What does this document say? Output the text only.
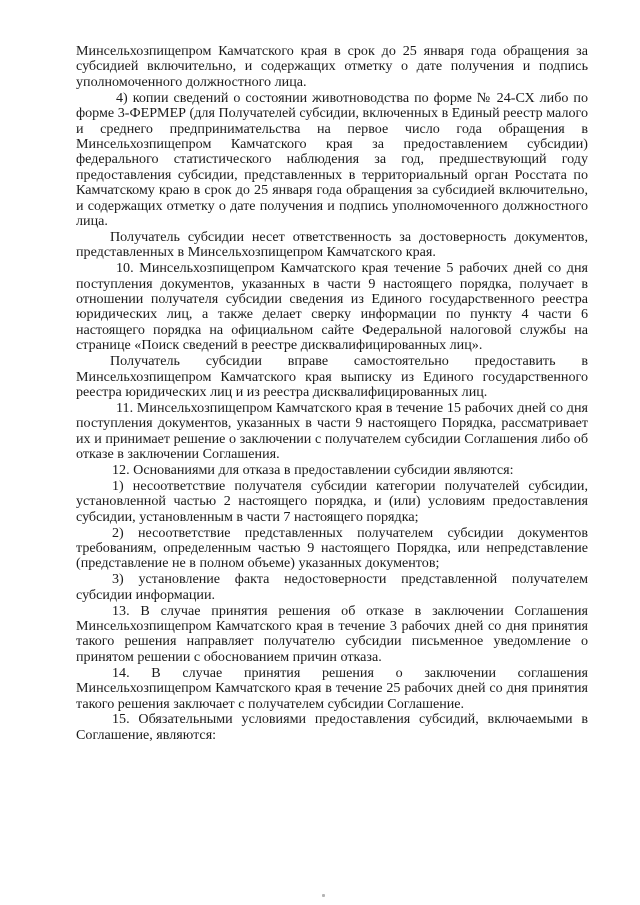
Минсельхозпищепром Камчатского края в срок до 25 января года обращения за субсидией включительно, и содержащих отметку о дате получения и подпись уполномоченного должностного лица.

4) копии сведений о состоянии животноводства по форме № 24-СХ либо по форме 3-ФЕРМЕР (для Получателей субсидии, включенных в Единый реестр малого и среднего предпринимательства на первое число года обращения в Минсельхозпищепром Камчатского края за предоставлением субсидии) федерального статистического наблюдения за год, предшествующий году предоставления субсидии, представленных в территориальный орган Росстата по Камчатскому краю в срок до 25 января года обращения за субсидией включительно, и содержащих отметку о дате получения и подпись уполномоченного должностного лица.

Получатель субсидии несет ответственность за достоверность документов, представленных в Минсельхозпищепром Камчатского края.

10. Минсельхозпищепром Камчатского края течение 5 рабочих дней со дня поступления документов, указанных в части 9 настоящего порядка, получает в отношении получателя субсидии сведения из Единого государственного реестра юридических лиц, а также делает сверку информации по пункту 4 части 6 настоящего порядка на официальном сайте Федеральной налоговой службы на странице «Поиск сведений в реестре дисквалифицированных лиц».

Получатель субсидии вправе самостоятельно предоставить в Минсельхозпищепром Камчатского края выписку из Единого государственного реестра юридических лиц и из реестра дисквалифицированных лиц.

11. Минсельхозпищепром Камчатского края в течение 15 рабочих дней со дня поступления документов, указанных в части 9 настоящего Порядка, рассматривает их и принимает решение о заключении с получателем субсидии Соглашения либо об отказе в заключении Соглашения.

12. Основаниями для отказа в предоставлении субсидии являются:

1) несоответствие получателя субсидии категории получателей субсидии, установленной частью 2 настоящего порядка, и (или) условиям предоставления субсидии, установленным в части 7 настоящего порядка;

2) несоответствие представленных получателем субсидии документов требованиям, определенным частью 9 настоящего Порядка, или непредставление (представление не в полном объеме) указанных документов;

3) установление факта недостоверности представленной получателем субсидии информации.

13. В случае принятия решения об отказе в заключении Соглашения Минсельхозпищепром Камчатского края в течение 3 рабочих дней со дня принятия такого решения направляет получателю субсидии письменное уведомление о принятом решении с обоснованием причин отказа.

14. В случае принятия решения о заключении соглашения Минсельхозпищепром Камчатского края в течение 25 рабочих дней со дня принятия такого решения заключает с получателем субсидии Соглашение.

15. Обязательными условиями предоставления субсидий, включаемыми в Соглашение, являются:
